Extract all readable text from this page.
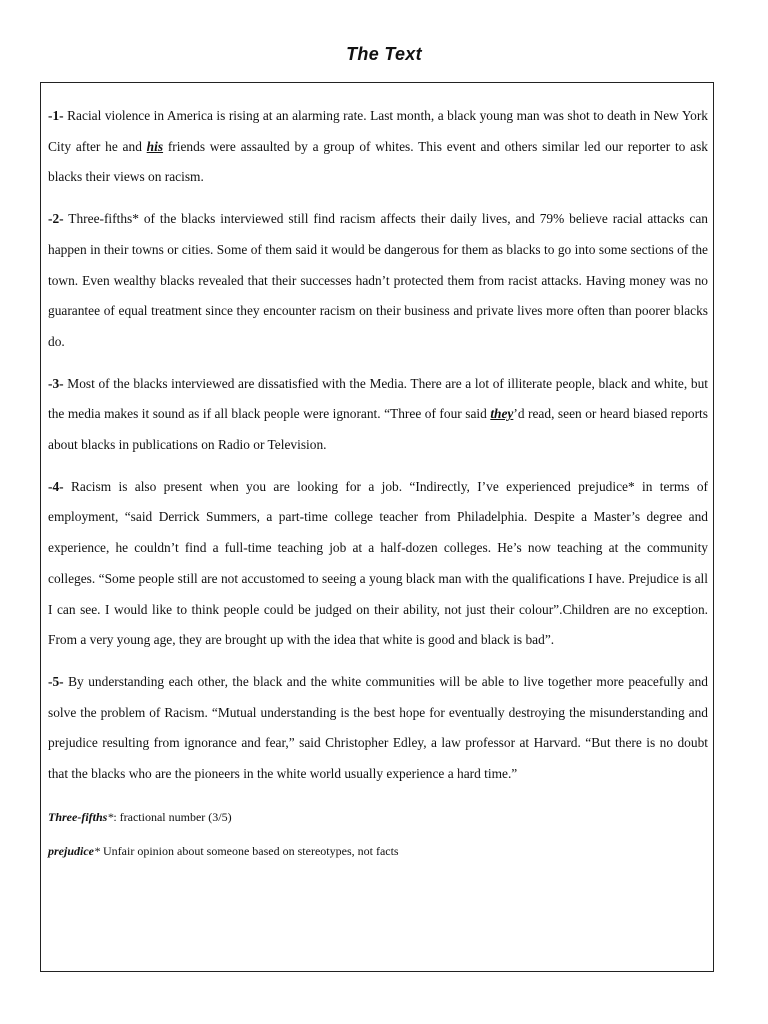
The Text

-1- Racial violence in America is rising at an alarming rate. Last month, a black young man was shot to death in New York City after he and his friends were assaulted by a group of whites. This event and others similar led our reporter to ask blacks their views on racism.

-2- Three-fifths* of the blacks interviewed still find racism affects their daily lives, and 79% believe racial attacks can happen in their towns or cities. Some of them said it would be dangerous for them as blacks to go into some sections of the town. Even wealthy blacks revealed that their successes hadn’t protected them from racist attacks. Having money was no guarantee of equal treatment since they encounter racism on their business and private lives more often than poorer blacks do.

-3- Most of the blacks interviewed are dissatisfied with the Media. There are a lot of illiterate people, black and white, but the media makes it sound as if all black people were ignorant. “Three of four said they’d read, seen or heard biased reports about blacks in publications on Radio or Television.

-4- Racism is also present when you are looking for a job. “Indirectly, I’ve experienced prejudice* in terms of employment, “said Derrick Summers, a part-time college teacher from Philadelphia. Despite a Master’s degree and experience, he couldn’t find a full-time teaching job at a half-dozen colleges. He’s now teaching at the community colleges. “Some people still are not accustomed to seeing a young black man with the qualifications I have. Prejudice is all I can see. I would like to think people could be judged on their ability, not just their colour”.Children are no exception. From a very young age, they are brought up with the idea that white is good and black is bad”.

-5- By understanding each other, the black and the white communities will be able to live together more peacefully and solve the problem of Racism. “Mutual understanding is the best hope for eventually destroying the misunderstanding and prejudice resulting from ignorance and fear,” said Christopher Edley, a law professor at Harvard. “But there is no doubt that the blacks who are the pioneers in the white world usually experience a hard time.”

Three-fifths*: fractional number (3/5)

prejudice* Unfair opinion about someone based on stereotypes, not facts
